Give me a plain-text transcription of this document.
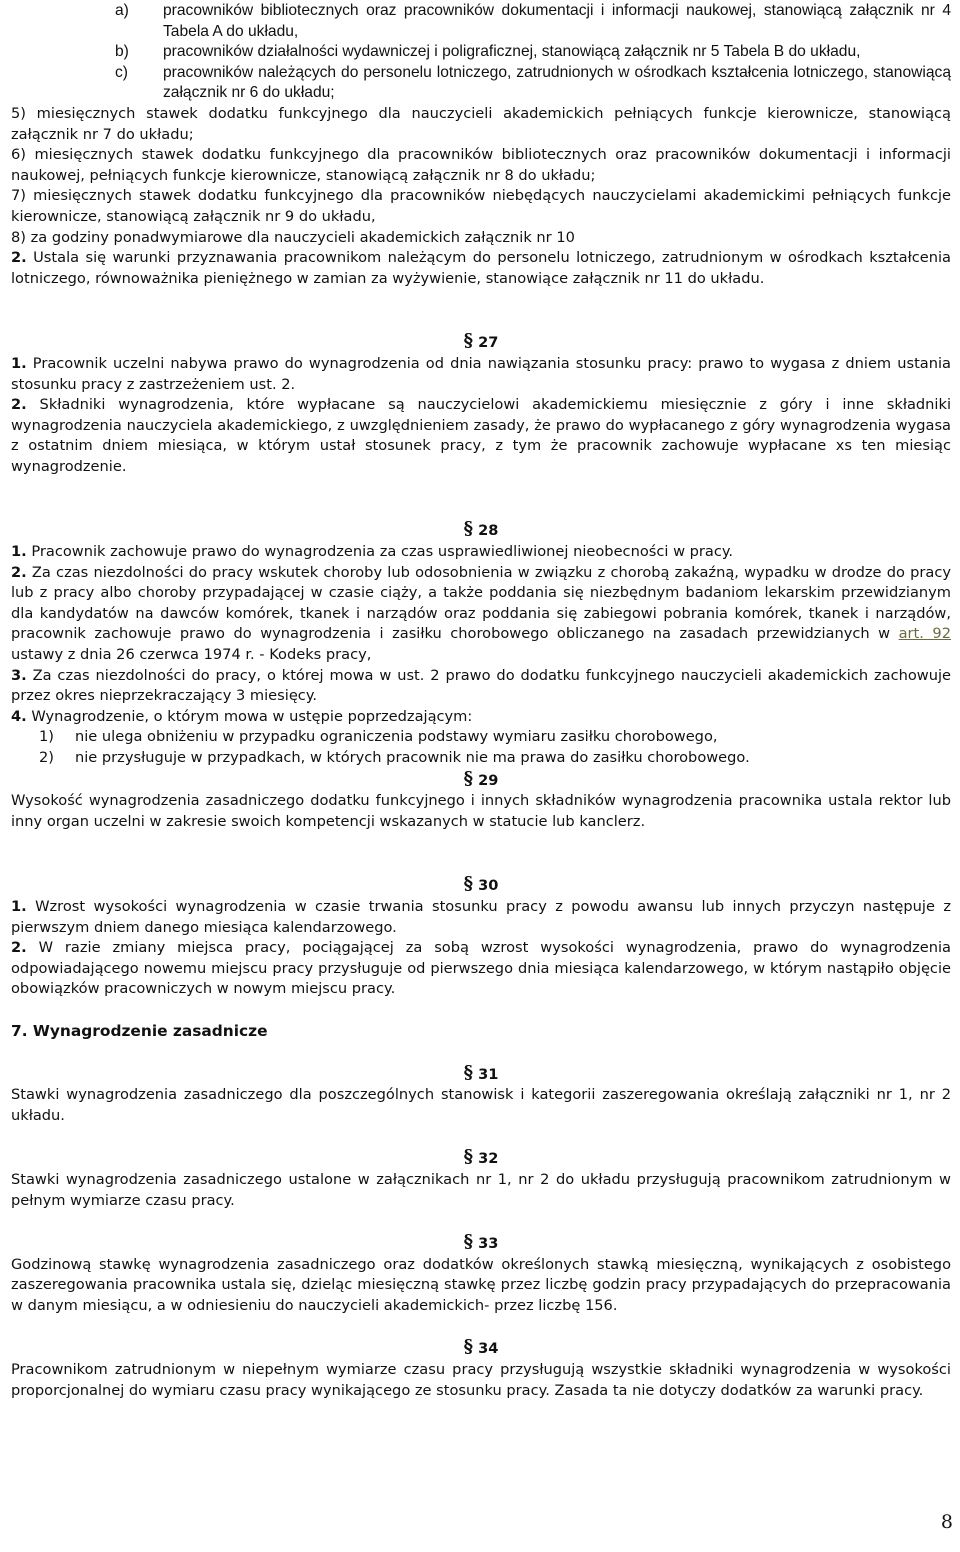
a)	pracowników bibliotecznych oraz pracowników dokumentacji i informacji naukowej, stanowiącą załącznik nr 4 Tabela A do układu,
b)	pracowników działalności wydawniczej i poligraficznej, stanowiącą załącznik nr 5 Tabela B do układu,
c)	pracowników należących do personelu lotniczego, zatrudnionych w ośrodkach kształcenia lotniczego, stanowiącą załącznik nr 6 do układu;

5) miesięcznych stawek dodatku funkcyjnego dla nauczycieli akademickich pełniących funkcje kierownicze, stanowiącą załącznik nr 7 do układu;

6) miesięcznych stawek dodatku funkcyjnego dla pracowników bibliotecznych oraz pracowników dokumentacji i informacji naukowej, pełniących funkcje kierownicze, stanowiącą załącznik nr 8 do układu;

7) miesięcznych stawek dodatku funkcyjnego dla pracowników niebędących nauczycielami akademickimi pełniących funkcje kierownicze, stanowiącą załącznik nr 9 do układu,

8) za godziny ponadwymiarowe dla nauczycieli akademickich załącznik nr 10

2. Ustala się warunki przyznawania pracownikom należącym do personelu lotniczego, zatrudnionym w ośrodkach kształcenia lotniczego, równoważnika pieniężnego w zamian za wyżywienie, stanowiące załącznik nr 11 do układu.

§ 27

1. Pracownik uczelni nabywa prawo do wynagrodzenia od dnia nawiązania stosunku pracy: prawo to wygasa z dniem ustania stosunku pracy z zastrzeżeniem ust. 2.

2. Składniki wynagrodzenia, które wypłacane są nauczycielowi akademickiemu miesięcznie z góry i inne składniki wynagrodzenia nauczyciela akademickiego, z uwzględnieniem zasady, że prawo do wypłacanego z góry wynagrodzenia wygasa z ostatnim dniem miesiąca, w którym ustał stosunek pracy, z tym że pracownik zachowuje wypłacane xs ten miesiąc wynagrodzenie.

§ 28

1. Pracownik zachowuje prawo do wynagrodzenia za czas usprawiedliwionej nieobecności w pracy.

2. Za czas niezdolności do pracy wskutek choroby lub odosobnienia w związku z chorobą zakaźną, wypadku w drodze do pracy lub z pracy albo choroby przypadającej w czasie ciąży, a także poddania się niezbędnym badaniom lekarskim przewidzianym dla kandydatów na dawców komórek, tkanek i narządów oraz poddania się zabiegowi pobrania komórek, tkanek i narządów, pracownik zachowuje prawo do wynagrodzenia i zasiłku chorobowego obliczanego na zasadach przewidzianych w art. 92 ustawy z dnia 26 czerwca 1974 r. - Kodeks pracy,

3. Za czas niezdolności do pracy, o której mowa w ust. 2 prawo do dodatku funkcyjnego nauczycieli akademickich zachowuje przez okres nieprzekraczający 3 miesięcy.

4. Wynagrodzenie, o którym mowa w ustępie poprzedzającym:

1)	nie ulega obniżeniu w przypadku ograniczenia podstawy wymiaru zasiłku chorobowego,
2)	nie przysługuje w przypadkach, w których pracownik nie ma prawa do zasiłku chorobowego.

§ 29

Wysokość wynagrodzenia zasadniczego dodatku funkcyjnego i innych składników wynagrodzenia pracownika ustala rektor lub inny organ uczelni w zakresie swoich kompetencji wskazanych w statucie lub kanclerz.

§ 30

1. Wzrost wysokości wynagrodzenia w czasie trwania stosunku pracy z powodu awansu lub innych przyczyn następuje z pierwszym dniem danego miesiąca kalendarzowego.

2. W razie zmiany miejsca pracy, pociągającej za sobą wzrost wysokości wynagrodzenia, prawo do wynagrodzenia odpowiadającego nowemu miejscu pracy przysługuje od pierwszego dnia miesiąca kalendarzowego, w którym nastąpiło objęcie obowiązków pracowniczych w nowym miejscu pracy.

7. Wynagrodzenie zasadnicze

§ 31

Stawki wynagrodzenia zasadniczego dla poszczególnych stanowisk i kategorii zaszeregowania określają załączniki nr 1, nr 2 układu.

§ 32

Stawki wynagrodzenia zasadniczego ustalone w załącznikach nr 1, nr 2 do układu przysługują pracownikom zatrudnionym w pełnym wymiarze czasu pracy.

§ 33

Godzinową stawkę wynagrodzenia zasadniczego oraz dodatków określonych stawką miesięczną, wynikających z osobistego zaszeregowania pracownika ustala się, dzieląc miesięczną stawkę przez liczbę godzin pracy przypadających do przepracowania w danym miesiącu, a w odniesieniu do nauczycieli akademickich- przez liczbę 156.

§ 34

Pracownikom zatrudnionym w niepełnym wymiarze czasu pracy przysługują wszystkie składniki wynagrodzenia w wysokości proporcjonalnej do wymiaru czasu pracy wynikającego ze stosunku pracy. Zasada ta nie dotyczy dodatków za warunki pracy.

8
